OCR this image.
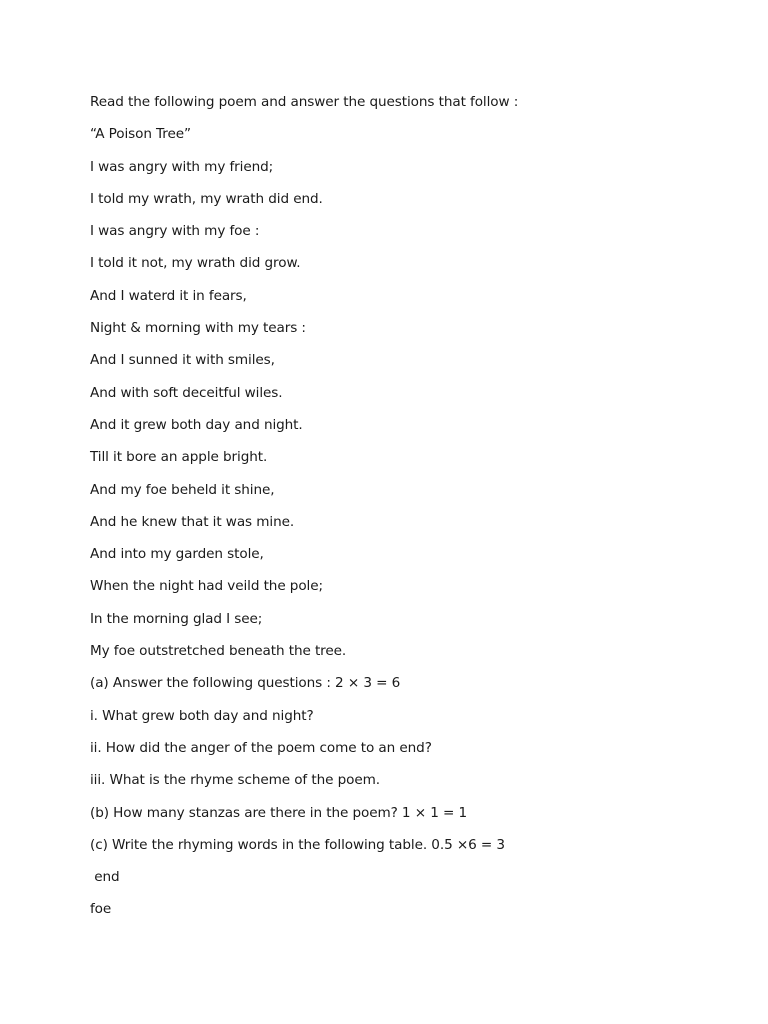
Read the following poem and answer the questions that follow :
“A Poison Tree”
I was angry with my friend;
I told my wrath, my wrath did end.
I was angry with my foe :
I told it not, my wrath did grow.
And I waterd it in fears,
Night & morning with my tears :
And I sunned it with smiles,
And with soft deceitful wiles.
And it grew both day and night.
Till it bore an apple bright.
And my foe beheld it shine,
And he knew that it was mine.
And into my garden stole,
When the night had veild the pole;
In the morning glad I see;
My foe outstretched beneath the tree.
(a) Answer the following questions : 2 × 3 = 6
i. What grew both day and night?
ii. How did the anger of the poem come to an end?
iii. What is the rhyme scheme of the poem.
(b) How many stanzas are there in the poem? 1 × 1 = 1
(c) Write the rhyming words in the following table. 0.5 ×6 = 3
end
foe
